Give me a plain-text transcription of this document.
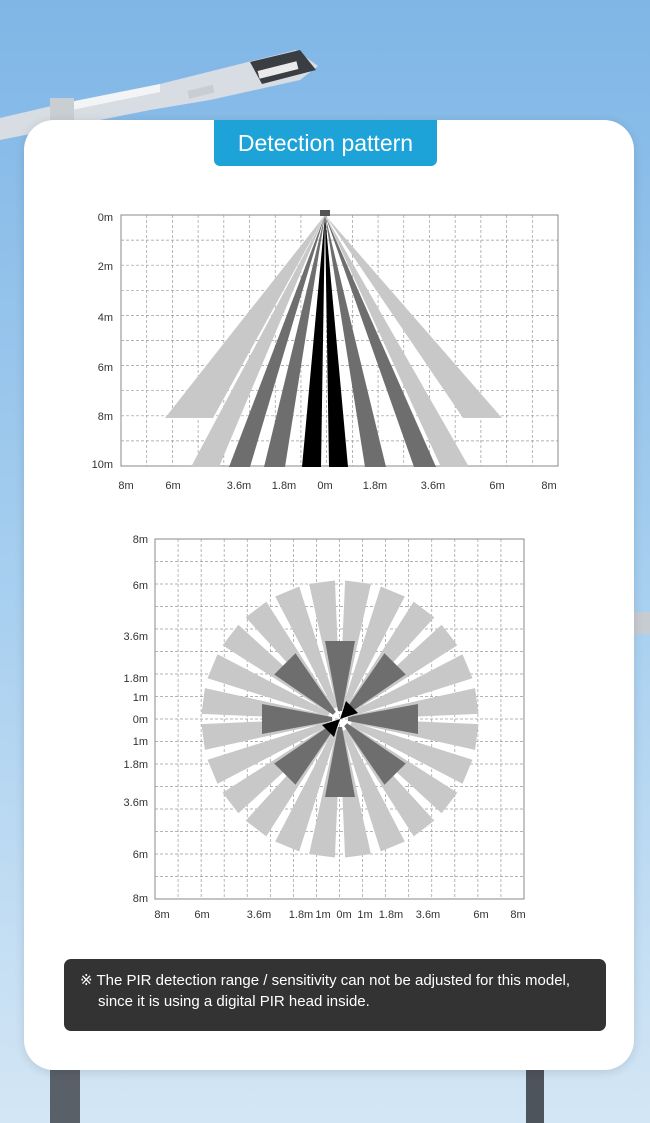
Detection pattern
0m
2m
4m
6m
8m
10m
8m	6m	3.6m 1.8m 0m	1.8m	3.6m	6m	8m
8m
6m
3.6m
1.8m
1m
0m
1m
1.8m
3.6m
6m
8m
8m 6m	3.6m 1.8m 1m 0m 1m 1.8m 3.6m	6m 8m
※ The PIR detection range / sensitivity can not be adjusted for this model,
since it is using a digital PIR head inside.
